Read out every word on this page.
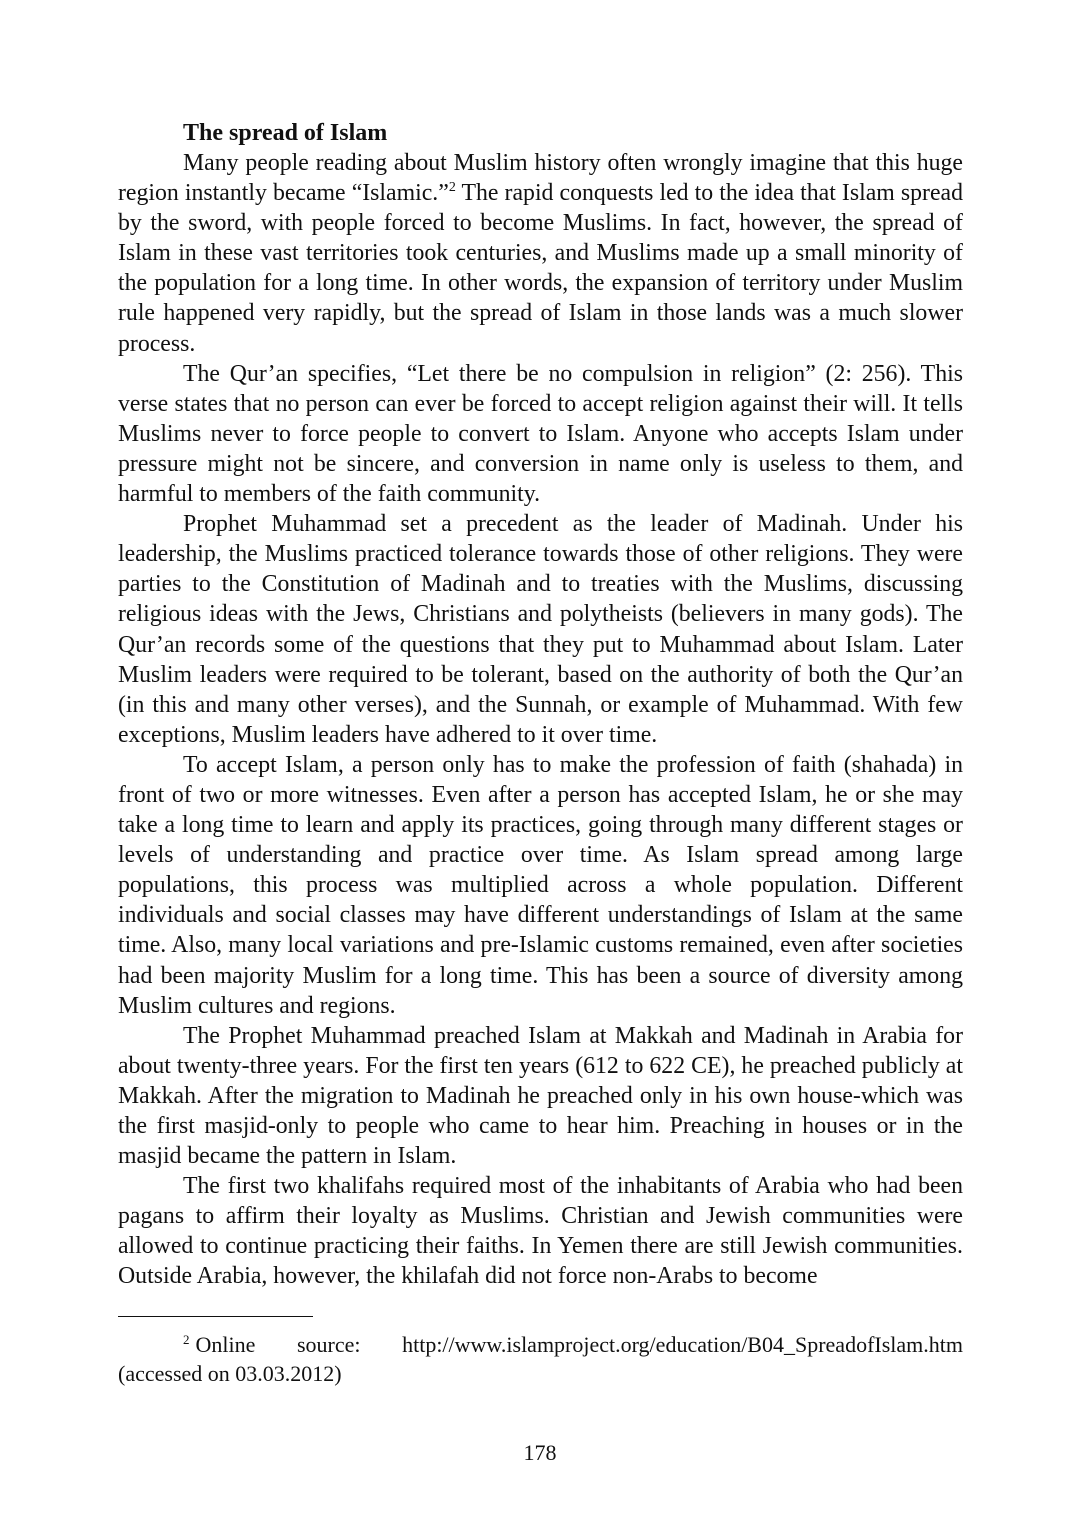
The spread of Islam

Many people reading about Muslim history often wrongly imagine that this huge region instantly became “Islamic.”$^2$ The rapid conquests led to the idea that Islam spread by the sword, with people forced to become Muslims. In fact, however, the spread of Islam in these vast territories took centuries, and Muslims made up a small minority of the population for a long time. In other words, the expansion of territory under Muslim rule happened very rapidly, but the spread of Islam in those lands was a much slower process.

The Qur’an specifies, “Let there be no compulsion in religion” (2: 256). This verse states that no person can ever be forced to accept religion against their will. It tells Muslims never to force people to convert to Islam. Anyone who accepts Islam under pressure might not be sincere, and conversion in name only is useless to them, and harmful to members of the faith community.

Prophet Muhammad set a precedent as the leader of Madinah. Under his leadership, the Muslims practiced tolerance towards those of other religions. They were parties to the Constitution of Madinah and to treaties with the Muslims, discussing religious ideas with the Jews, Christians and polytheists (believers in many gods). The Qur’an records some of the questions that they put to Muhammad about Islam. Later Muslim leaders were required to be tolerant, based on the authority of both the Qur’an (in this and many other verses), and the Sunnah, or example of Muhammad. With few exceptions, Muslim leaders have adhered to it over time.

To accept Islam, a person only has to make the profession of faith (shahada) in front of two or more witnesses. Even after a person has accepted Islam, he or she may take a long time to learn and apply its practices, going through many different stages or levels of understanding and practice over time. As Islam spread among large populations, this process was multiplied across a whole population. Different individuals and social classes may have different understandings of Islam at the same time. Also, many local variations and pre-Islamic customs remained, even after societies had been majority Muslim for a long time. This has been a source of diversity among Muslim cultures and regions.

The Prophet Muhammad preached Islam at Makkah and Madinah in Arabia for about twenty-three years. For the first ten years (612 to 622 CE), he preached publicly at Makkah. After the migration to Madinah he preached only in his own house-which was the first masjid-only to people who came to hear him. Preaching in houses or in the masjid became the pattern in Islam.

The first two khalifahs required most of the inhabitants of Arabia who had been pagans to affirm their loyalty as Muslims. Christian and Jewish communities were allowed to continue practicing their faiths. In Yemen there are still Jewish communities. Outside Arabia, however, the khilafah did not force non-Arabs to become

$^2$ Online source: http://www.islamproject.org/education/B04_SpreadofIslam.htm (accessed on 03.03.2012)
178
